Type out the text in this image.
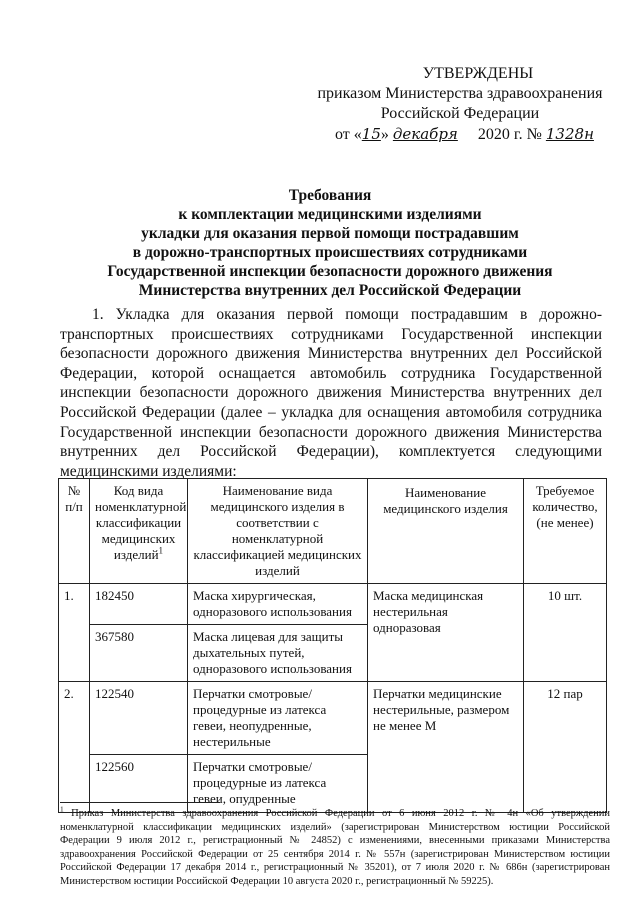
УТВЕРЖДЕНЫ
приказом Министерства здравоохранения
Российской Федерации
от «15» декабря 2020 г. № 1328н
Требования
к комплектации медицинскими изделиями
укладки для оказания первой помощи пострадавшим
в дорожно-транспортных происшествиях сотрудниками
Государственной инспекции безопасности дорожного движения
Министерства внутренних дел Российской Федерации
1. Укладка для оказания первой помощи пострадавшим в дорожно-транспортных происшествиях сотрудниками Государственной инспекции безопасности дорожного движения Министерства внутренних дел Российской Федерации, которой оснащается автомобиль сотрудника Государственной инспекции безопасности дорожного движения Министерства внутренних дел Российской Федерации (далее – укладка для оснащения автомобиля сотрудника Государственной инспекции безопасности дорожного движения Министерства внутренних дел Российской Федерации), комплектуется следующими медицинскими изделиями:
№ п/п	Код вида номенклатурной классификации медицинских изделий$^1$	Наименование вида медицинского изделия в соответствии с номенклатурной классификацией медицинских изделий	Наименование медицинского изделия	Требуемое количество, (не менее)
1.	182450	Маска хирургическая, одноразового использования	Маска медицинская нестерильная одноразовая	10 шт.
	367580	Маска лицевая для защиты дыхательных путей, одноразового использования		
2.	122540	Перчатки смотровые/процедурные из латекса гевеи, неопудренные, нестерильные	Перчатки медицинские нестерильные, размером не менее М	12 пар
	122560	Перчатки смотровые/процедурные из латекса гевеи, опудренные		
$^1$ Приказ Министерства здравоохранения Российской Федерации от 6 июня 2012 г. № 4н «Об утверждении номенклатурной классификации медицинских изделий» (зарегистрирован Министерством юстиции Российской Федерации 9 июля 2012 г., регистрационный № 24852) с изменениями, внесенными приказами Министерства здравоохранения Российской Федерации от 25 сентября 2014 г. № 557н (зарегистрирован Министерством юстиции Российской Федерации 17 декабря 2014 г., регистрационный № 35201), от 7 июля 2020 г. № 686н (зарегистрирован Министерством юстиции Российской Федерации 10 августа 2020 г., регистрационный № 59225).
